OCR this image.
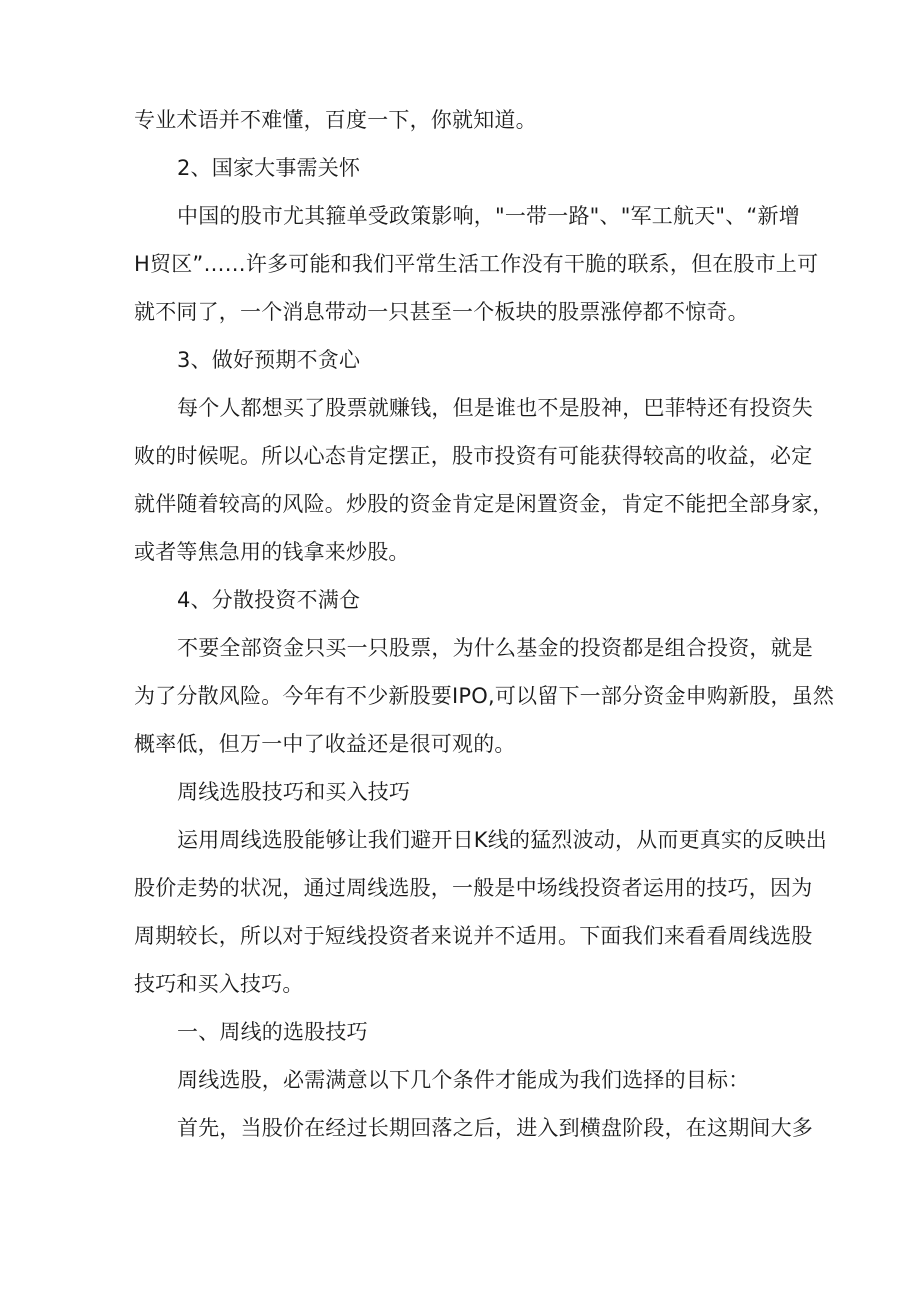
专业术语并不难懂，百度一下，你就知道。
2、国家大事需关怀
中国的股市尤其箍单受政策影响，"一带一路"、"军工航天"、“新增
H贸区”……许多可能和我们平常生活工作没有干脆的联系，但在股市上可
就不同了，一个消息带动一只甚至一个板块的股票涨停都不惊奇。
3、做好预期不贪心
每个人都想买了股票就赚钱，但是谁也不是股神，巴菲特还有投资失
败的时候呢。所以心态肯定摆正，股市投资有可能获得较高的收益，必定
就伴随着较高的风险。炒股的资金肯定是闲置资金，肯定不能把全部身家，
或者等焦急用的钱拿来炒股。
4、分散投资不满仓
不要全部资金只买一只股票，为什么基金的投资都是组合投资，就是
为了分散风险。今年有不少新股要IPO,可以留下一部分资金申购新股，虽然
概率低，但万一中了收益还是很可观的。
周线选股技巧和买入技巧
运用周线选股能够让我们避开日K线的猛烈波动，从而更真实的反映出
股价走势的状况，通过周线选股，一般是中场线投资者运用的技巧，因为
周期较长，所以对于短线投资者来说并不适用。下面我们来看看周线选股
技巧和买入技巧。
一、周线的选股技巧
周线选股，必需满意以下几个条件才能成为我们选择的目标：
首先，当股价在经过长期回落之后，进入到横盘阶段，在这期间大多
